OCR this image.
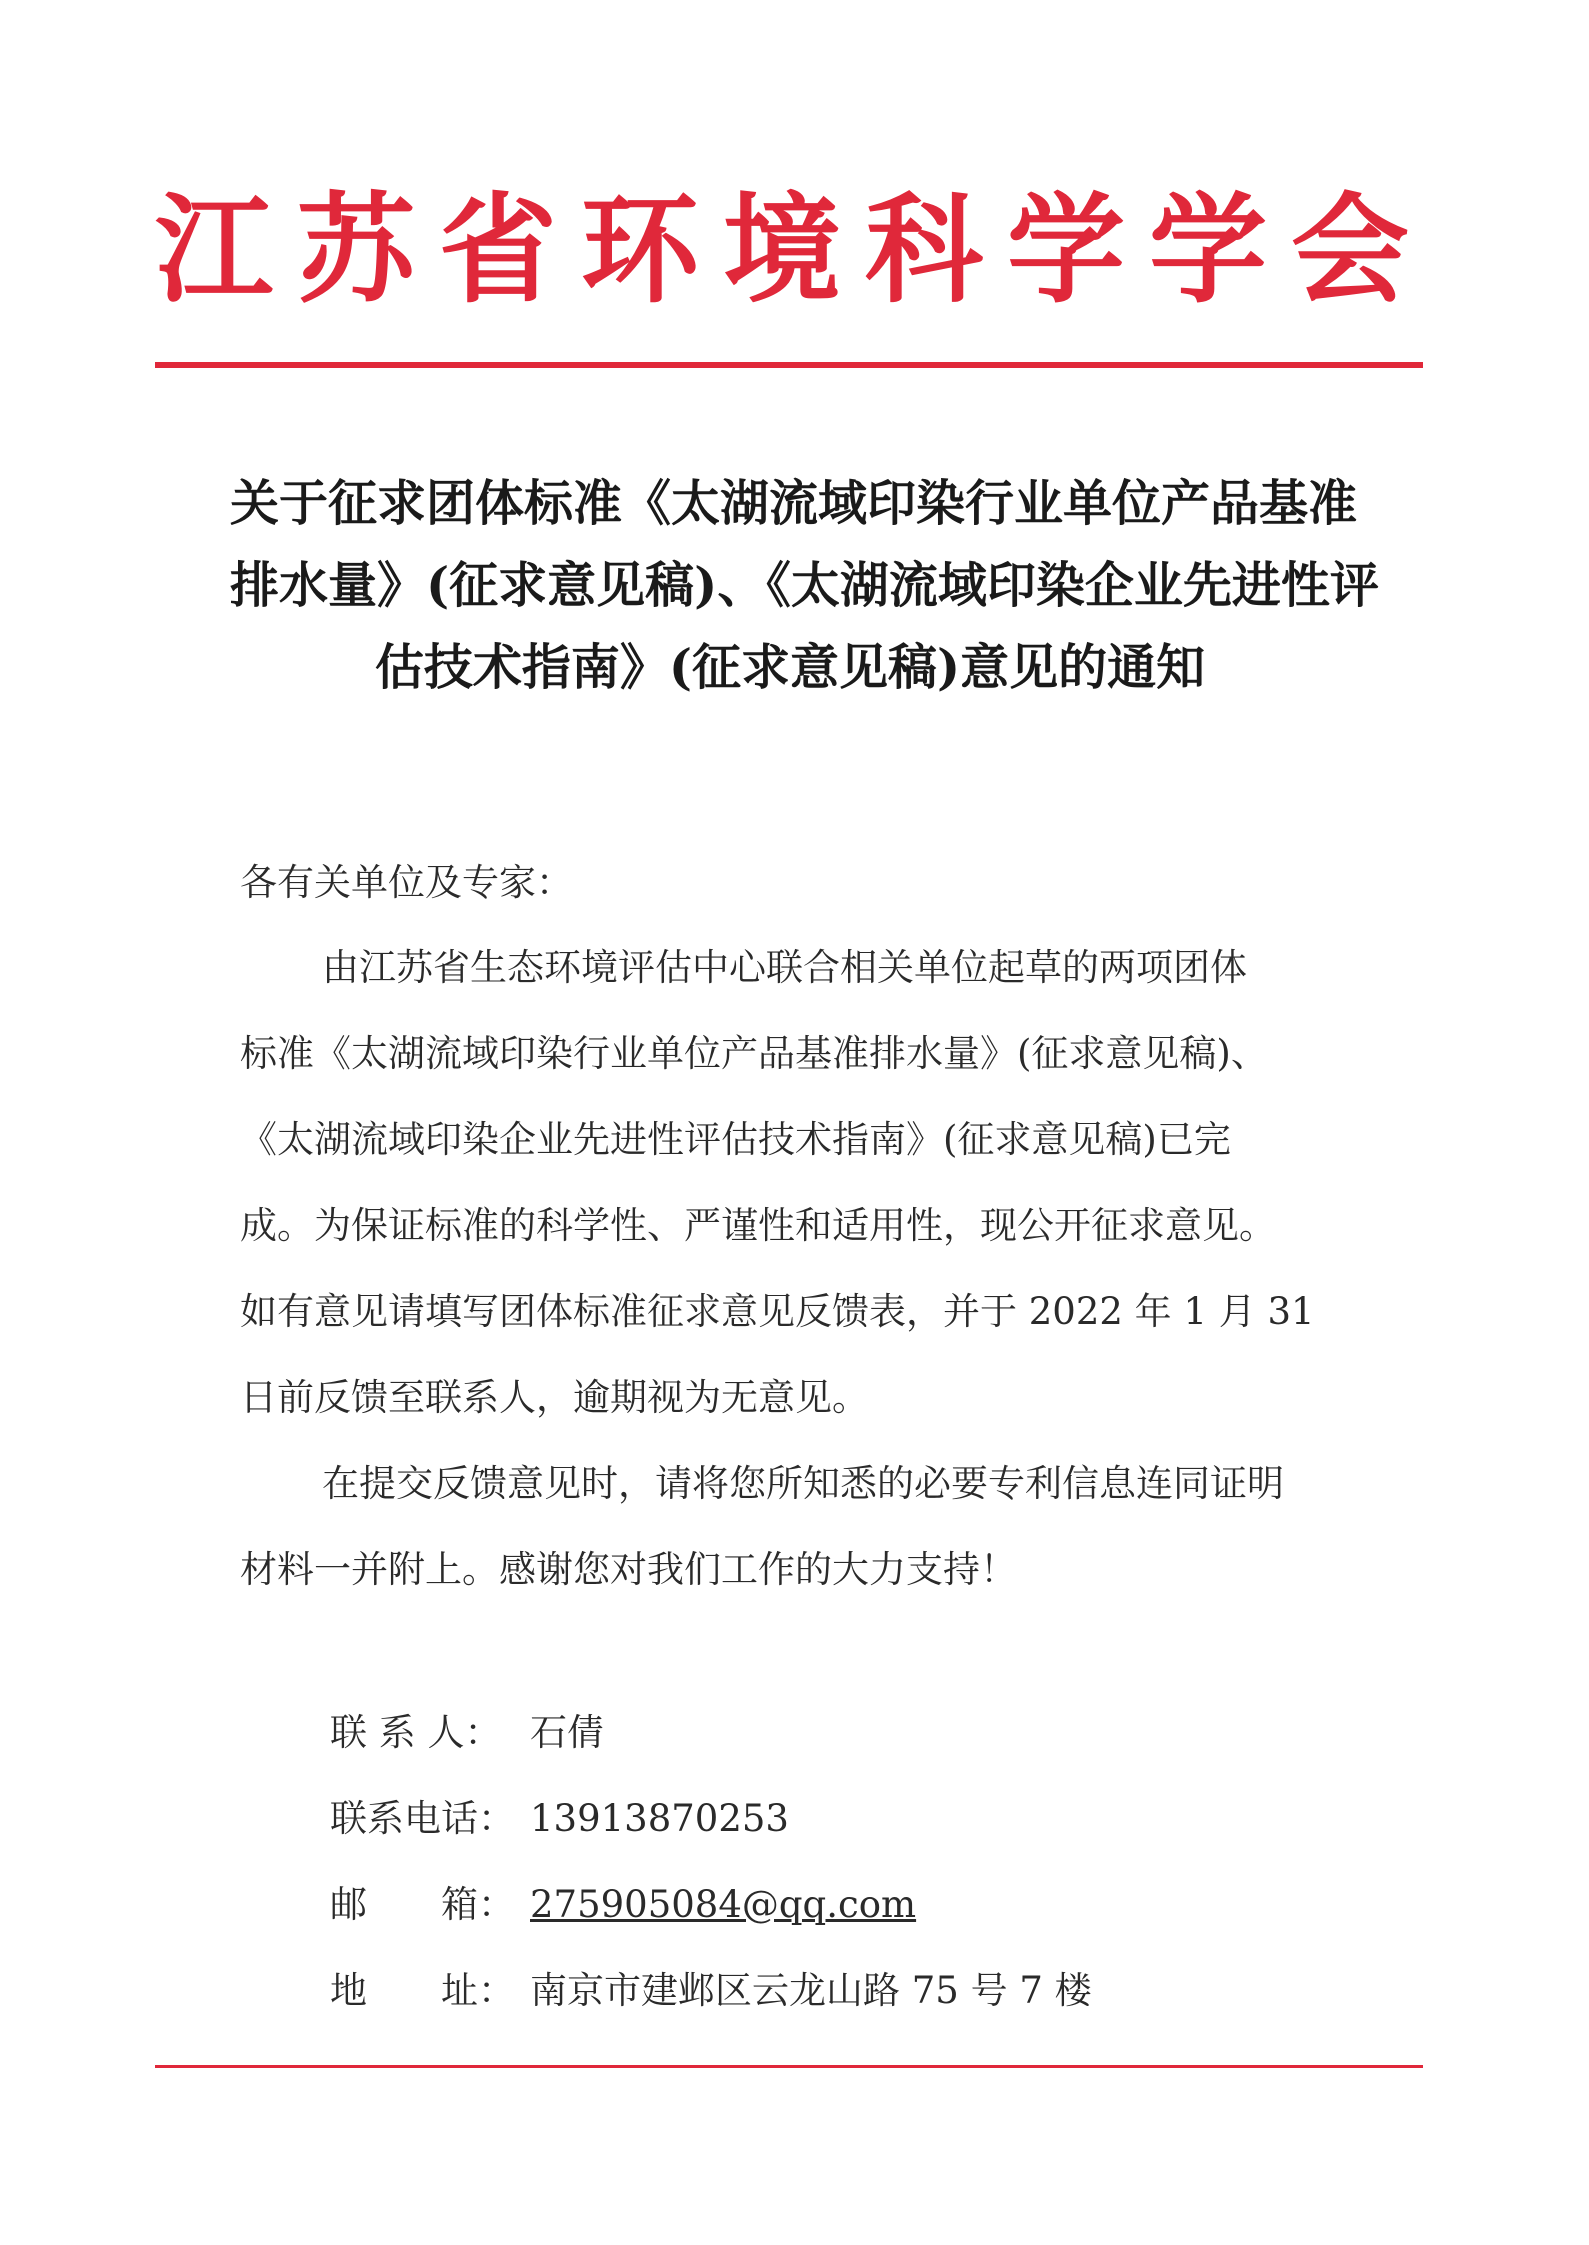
江苏省环境科学学会
关于征求团体标准《太湖流域印染行业单位产品基准
排水量》(征求意见稿)、《太湖流域印染企业先进性评
估技术指南》(征求意见稿)意见的通知
各有关单位及专家：
由江苏省生态环境评估中心联合相关单位起草的两项团体
标准《太湖流域印染行业单位产品基准排水量》(征求意见稿)、
《太湖流域印染企业先进性评估技术指南》(征求意见稿)已完
成。为保证标准的科学性、严谨性和适用性，现公开征求意见。
如有意见请填写团体标准征求意见反馈表，并于 2022 年 1 月 31
日前反馈至联系人，逾期视为无意见。
在提交反馈意见时，请将您所知悉的必要专利信息连同证明
材料一并附上。感谢您对我们工作的大力支持！
联 系 人： 石倩
联系电话： 13913870253
邮　　箱： 275905084@qq.com
地　　址： 南京市建邺区云龙山路 75 号 7 楼
